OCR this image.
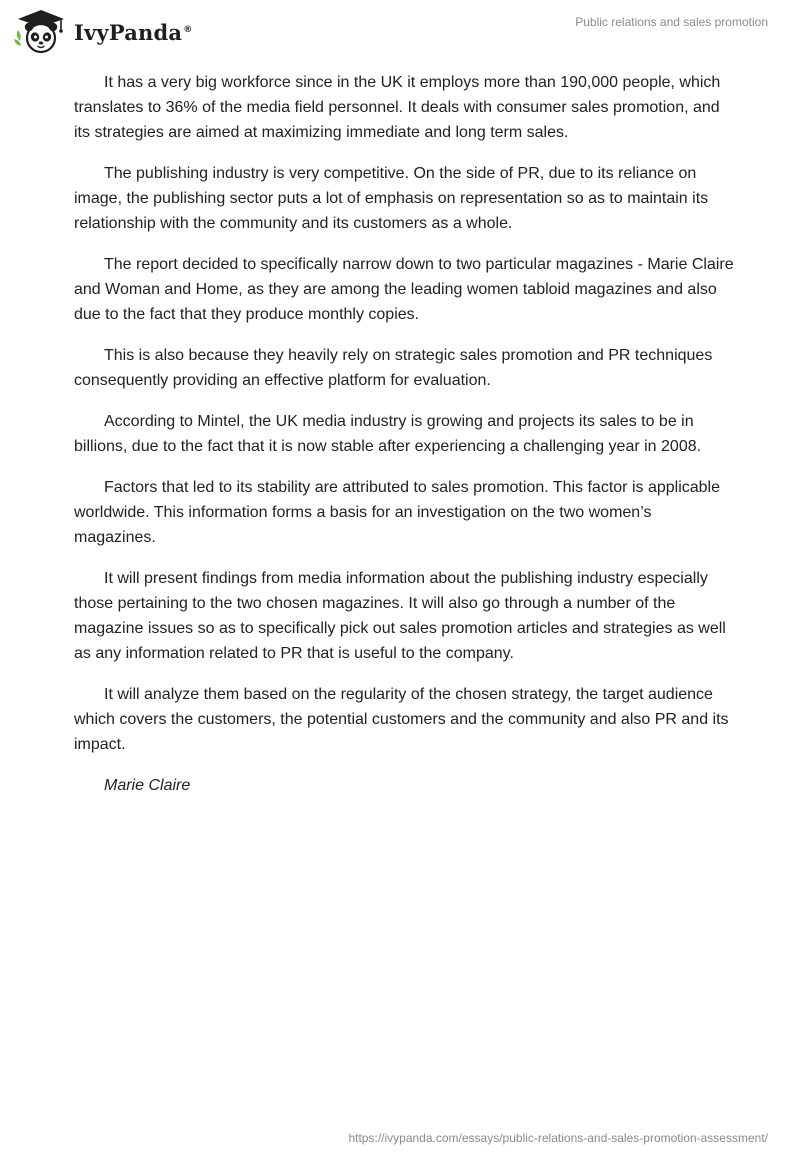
IvyPanda®
Public relations and sales promotion

It has a very big workforce since in the UK it employs more than 190,000 people, which translates to 36% of the media field personnel. It deals with consumer sales promotion, and its strategies are aimed at maximizing immediate and long term sales.

The publishing industry is very competitive. On the side of PR, due to its reliance on image, the publishing sector puts a lot of emphasis on representation so as to maintain its relationship with the community and its customers as a whole.

The report decided to specifically narrow down to two particular magazines - Marie Claire and Woman and Home, as they are among the leading women tabloid magazines and also due to the fact that they produce monthly copies.

This is also because they heavily rely on strategic sales promotion and PR techniques consequently providing an effective platform for evaluation.

According to Mintel, the UK media industry is growing and projects its sales to be in billions, due to the fact that it is now stable after experiencing a challenging year in 2008.

Factors that led to its stability are attributed to sales promotion. This factor is applicable worldwide. This information forms a basis for an investigation on the two women’s magazines.

It will present findings from media information about the publishing industry especially those pertaining to the two chosen magazines. It will also go through a number of the magazine issues so as to specifically pick out sales promotion articles and strategies as well as any information related to PR that is useful to the company.

It will analyze them based on the regularity of the chosen strategy, the target audience which covers the customers, the potential customers and the community and also PR and its impact.

Marie Claire

https://ivypanda.com/essays/public-relations-and-sales-promotion-assessment/
